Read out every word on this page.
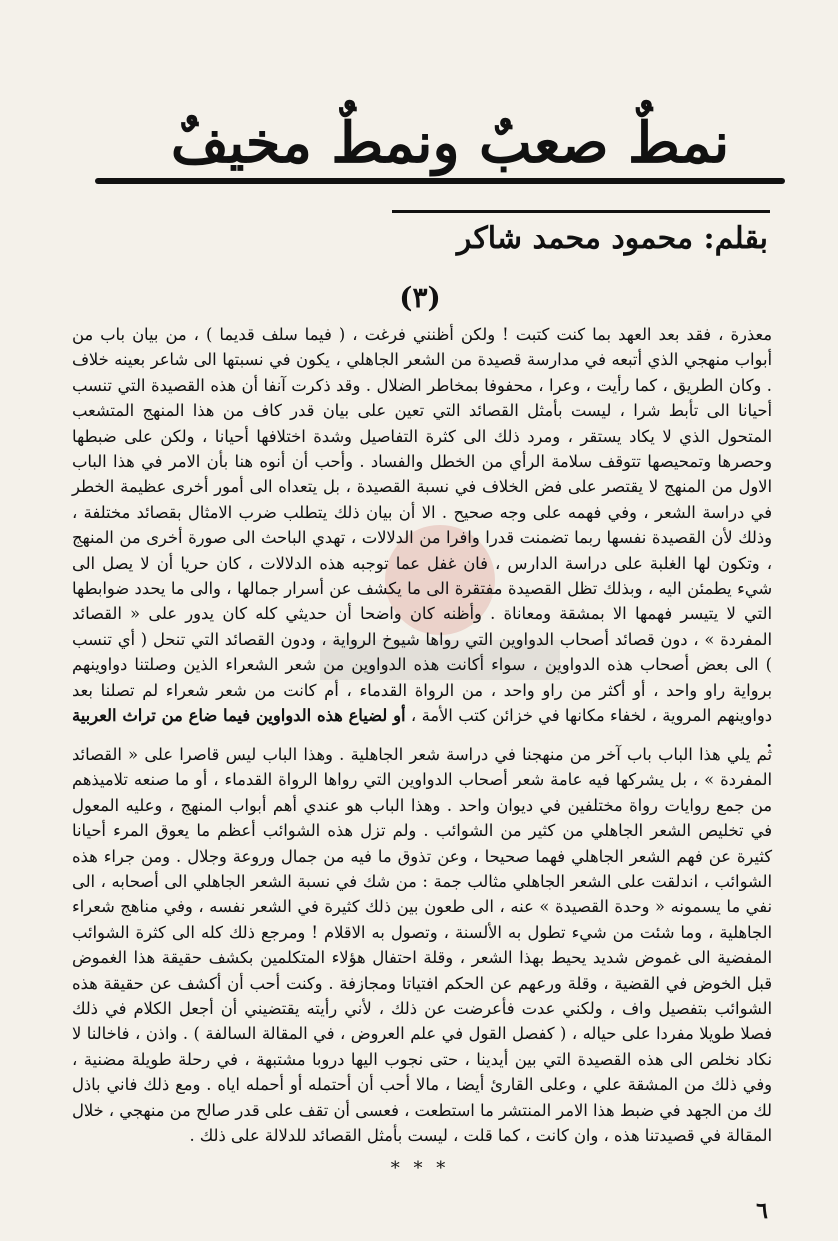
نمطٌ صعبٌ ونمطٌ مخيفٌ
بقلم: محمود محمد شاكر
(٣)
معذرة ، فقد بعد العهد بما كنت كتبت ! ولكن أظنني فرغت ، ( فيما سلف قديما ) ، من بيان باب من أبواب منهجي الذي أتبعه في مدارسة قصيدة من الشعر الجاهلي ، يكون في نسبتها الى شاعر بعينه خلاف . وكان الطريق ، كما رأيت ، وعرا ، محفوفا بمخاطر الضلال . وقد ذكرت آنفا أن هذه القصيدة التي تنسب أحيانا الى تأبط شرا ، ليست بأمثل القصائد التي تعين على بيان قدر كاف من هذا المنهج المتشعب المتحول الذي لا يكاد يستقر ، ومرد ذلك الى كثرة التفاصيل وشدة اختلافها أحيانا ، ولكن على ضبطها وحصرها وتمحيصها تتوقف سلامة الرأي من الخطل والفساد . وأحب أن أنوه هنا بأن الامر في هذا الباب الاول من المنهج لا يقتصر على فض الخلاف في نسبة القصيدة ، بل يتعداه الى أمور أخرى عظيمة الخطر في دراسة الشعر ، وفي فهمه على وجه صحيح . الا أن بيان ذلك يتطلب ضرب الامثال بقصائد مختلفة ، وذلك لأن القصيدة نفسها ربما تضمنت قدرا وافرا من الدلالات ، تهدي الباحث الى صورة أخرى من المنهج ، وتكون لها الغلبة على دراسة الدارس ، فان غفل عما توجبه هذه الدلالات ، كان حريا أن لا يصل الى شيء يطمئن اليه ، وبذلك تظل القصيدة مفتقرة الى ما يكشف عن أسرار جمالها ، والى ما يحدد ضوابطها التي لا يتيسر فهمها الا بمشقة ومعاناة . وأظنه كان واضحا أن حديثي كله كان يدور على « القصائد المفردة » ، دون قصائد أصحاب الدواوين التي رواها شيوخ الرواية ، ودون القصائد التي تنحل ( أي تنسب ) الى بعض أصحاب هذه الدواوين ، سواء أكانت هذه الدواوين من شعر الشعراء الذين وصلتنا دواوينهم برواية راو واحد ، أو أكثر من راو واحد ، من الرواة القدماء ، أم كانت من شعر شعراء لم تصلنا بعد دواوينهم المروية ، لخفاء مكانها في خزائن كتب الأمة ، أو لضياع هذه الدواوين فيما ضاع من تراث العربية .
ثم يلي هذا الباب باب آخر من منهجنا في دراسة شعر الجاهلية . وهذا الباب ليس قاصرا على « القصائد المفردة » ، بل يشركها فيه عامة شعر أصحاب الدواوين التي رواها الرواة القدماء ، أو ما صنعه تلاميذهم من جمع روايات رواة مختلفين في ديوان واحد . وهذا الباب هو عندي أهم أبواب المنهج ، وعليه المعول في تخليص الشعر الجاهلي من كثير من الشوائب . ولم تزل هذه الشوائب أعظم ما يعوق المرء أحيانا كثيرة عن فهم الشعر الجاهلي فهما صحيحا ، وعن تذوق ما فيه من جمال وروعة وجلال . ومن جراء هذه الشوائب ، اندلقت على الشعر الجاهلي مثالب جمة : من شك في نسبة الشعر الجاهلي الى أصحابه ، الى نفي ما يسمونه « وحدة القصيدة » عنه ، الى طعون بين ذلك كثيرة في الشعر نفسه ، وفي مناهج شعراء الجاهلية ، وما شئت من شيء تطول به الألسنة ، وتصول به الاقلام ! ومرجع ذلك كله الى كثرة الشوائب المفضية الى غموض شديد يحيط بهذا الشعر ، وقلة احتفال هؤلاء المتكلمين بكشف حقيقة هذا الغموض قبل الخوض في القضية ، وقلة ورعهم عن الحكم افتياتا ومجازفة . وكنت أحب أن أكشف عن حقيقة هذه الشوائب بتفصيل واف ، ولكني عدت فأعرضت عن ذلك ، لأني رأيته يقتضيني أن أجعل الكلام في ذلك فصلا طويلا مفردا على حياله ، ( كفصل القول في علم العروض ، في المقالة السالفة ) . واذن ، فاخالنا لا نكاد نخلص الى هذه القصيدة التي بين أيدينا ، حتى نجوب اليها دروبا مشتبهة ، في رحلة طويلة مضنية ، وفي ذلك من المشقة علي ، وعلى القارئ أيضا ، مالا أحب أن أحتمله أو أحمله اياه . ومع ذلك فاني باذل لك من الجهد في ضبط هذا الامر المنتشر ما استطعت ، فعسى أن تقف على قدر صالح من منهجي ، خلال المقالة في قصيدتنا هذه ، وان كانت ، كما قلت ، ليست بأمثل القصائد للدلالة على ذلك .
* * *
٦
